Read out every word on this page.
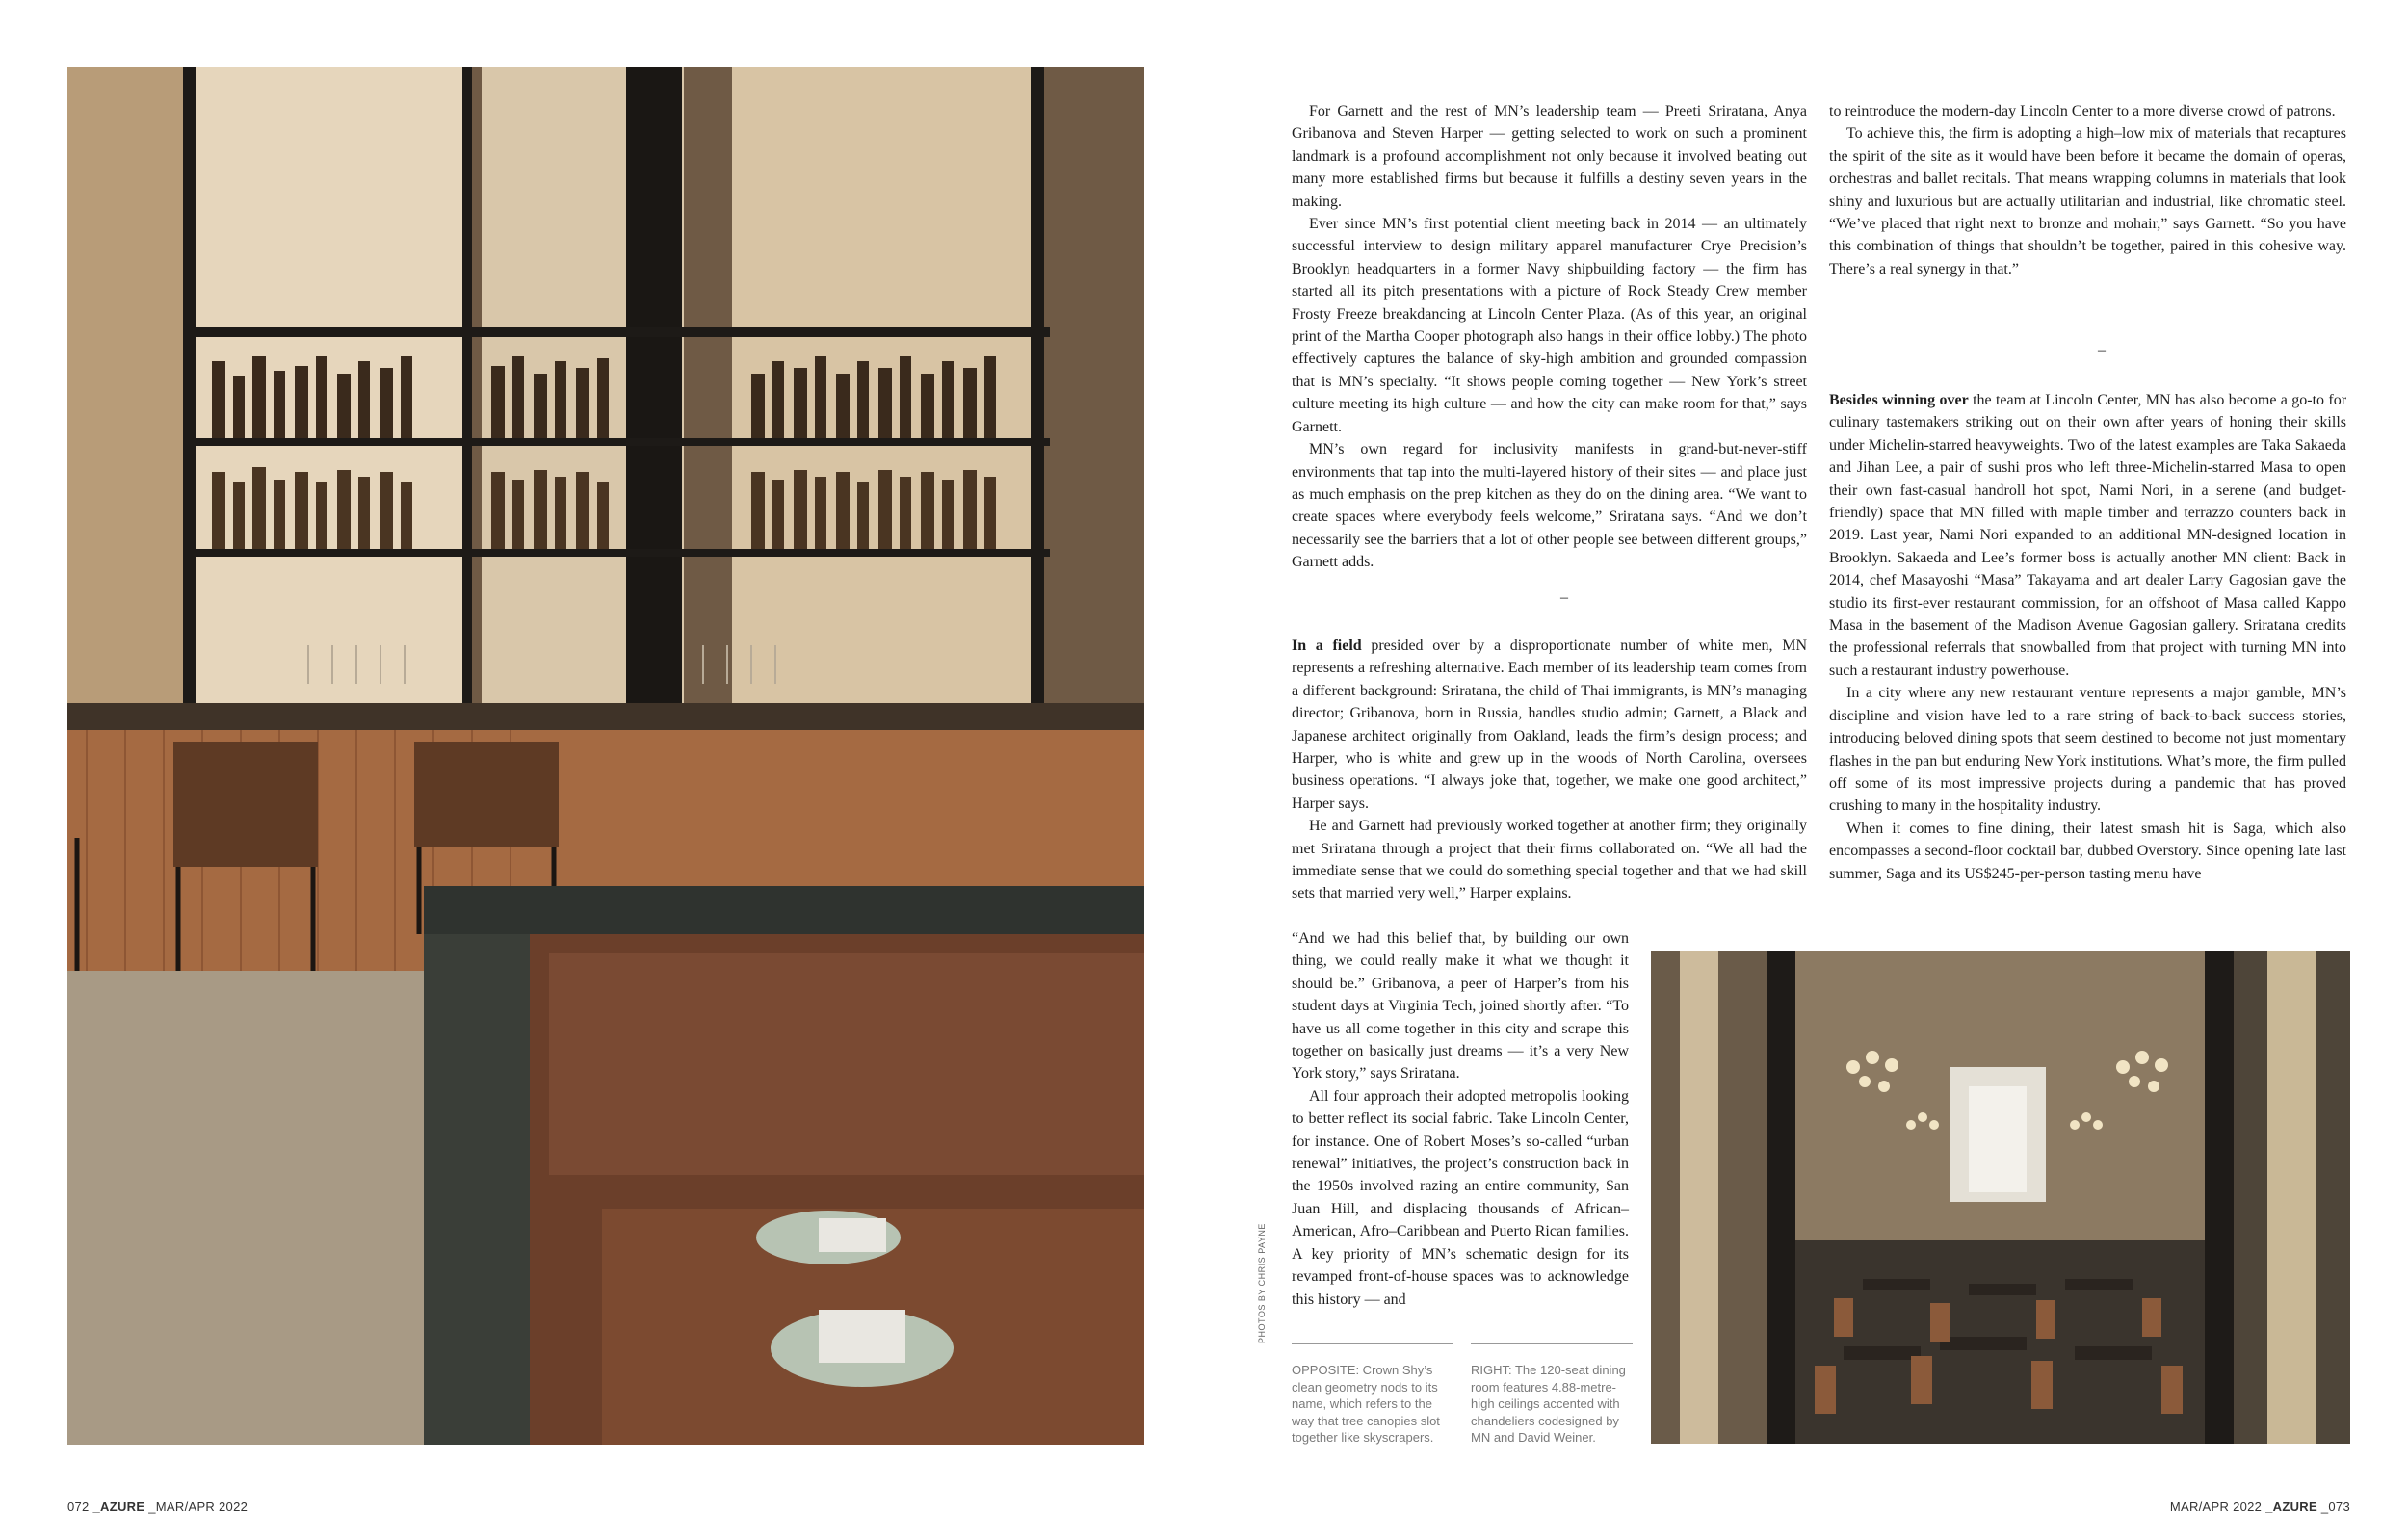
For Garnett and the rest of MN’s leadership team — Preeti Sriratana, Anya Gribanova and Steven Harper — getting selected to work on such a prominent landmark is a profound accomplishment not only because it involved beating out many more established firms but because it fulfills a destiny seven years in the making.

Ever since MN’s first potential client meeting back in 2014 — an ultimately successful interview to design military apparel manufacturer Crye Precision’s Brooklyn headquarters in a former Navy shipbuilding factory — the firm has started all its pitch presentations with a picture of Rock Steady Crew member Frosty Freeze breakdancing at Lincoln Center Plaza. (As of this year, an original print of the Martha Cooper photograph also hangs in their office lobby.) The photo effectively captures the balance of sky-high ambition and grounded compassion that is MN’s specialty. “It shows people coming together — New York’s street culture meeting its high culture — and how the city can make room for that,” says Garnett.

MN’s own regard for inclusivity manifests in grand-but-never-stiff environments that tap into the multi-layered history of their sites — and place just as much emphasis on the prep kitchen as they do on the dining area. “We want to create spaces where everybody feels welcome,” Sriratana says. “And we don’t necessarily see the barriers that a lot of other people see between different groups,” Garnett adds.

–

In a field presided over by a disproportionate number of white men, MN represents a refreshing alternative. Each member of its leadership team comes from a different background: Sriratana, the child of Thai immigrants, is MN’s managing director; Gribanova, born in Russia, handles studio admin; Garnett, a Black and Japanese architect originally from Oakland, leads the firm’s design process; and Harper, who is white and grew up in the woods of North Carolina, oversees business operations. “I always joke that, together, we make one good architect,” Harper says.

He and Garnett had previously worked together at another firm; they originally met Sriratana through a project that their firms collaborated on. “We all had the immediate sense that we could do something special together and that we had skill sets that married very well,” Harper explains.

“And we had this belief that, by building our own thing, we could really make it what we thought it should be.” Gribanova, a peer of Harper’s from his student days at Virginia Tech, joined shortly after. “To have us all come together in this city and scrape this together on basically just dreams — it’s a very New York story,” says Sriratana.

All four approach their adopted metropolis looking to better reflect its social fabric. Take Lincoln Center, for instance. One of Robert Moses’s so-called “urban renewal” initiatives, the project’s construction back in the 1950s involved razing an entire community, San Juan Hill, and displacing thousands of African–American, Afro–Caribbean and Puerto Rican families. A key priority of MN’s schematic design for its revamped front-of-house spaces was to acknowledge this history — and

to reintroduce the modern-day Lincoln Center to a more diverse crowd of patrons.

To achieve this, the firm is adopting a high–low mix of materials that recaptures the spirit of the site as it would have been before it became the domain of operas, orchestras and ballet recitals. That means wrapping columns in materials that look shiny and luxurious but are actually utilitarian and industrial, like chromatic steel. “We’ve placed that right next to bronze and mohair,” says Garnett. “So you have this combination of things that shouldn’t be together, paired in this cohesive way. There’s a real synergy in that.”

–

Besides winning over the team at Lincoln Center, MN has also become a go-to for culinary tastemakers striking out on their own after years of honing their skills under Michelin-starred heavyweights. Two of the latest examples are Taka Sakaeda and Jihan Lee, a pair of sushi pros who left three-Michelin-starred Masa to open their own fast-casual handroll hot spot, Nami Nori, in a serene (and budget-friendly) space that MN filled with maple timber and terrazzo counters back in 2019. Last year, Nami Nori expanded to an additional MN-designed location in Brooklyn. Sakaeda and Lee’s former boss is actually another MN client: Back in 2014, chef Masayoshi “Masa” Takayama and art dealer Larry Gagosian gave the studio its first-ever restaurant commission, for an offshoot of Masa called Kappo Masa in the basement of the Madison Avenue Gagosian gallery. Sriratana credits the professional referrals that snowballed from that project with turning MN into such a restaurant industry powerhouse.

In a city where any new restaurant venture represents a major gamble, MN’s discipline and vision have led to a rare string of back-to-back success stories, introducing beloved dining spots that seem destined to become not just momentary flashes in the pan but enduring New York institutions. What’s more, the firm pulled off some of its most impressive projects during a pandemic that has proved crushing to many in the hospitality industry.

When it comes to fine dining, their latest smash hit is Saga, which also encompasses a second-floor cocktail bar, dubbed Overstory. Since opening late last summer, Saga and its US$245-per-person tasting menu have

PHOTOS BY CHRIS PAYNE
OPPOSITE: Crown Shy’s clean geometry nods to its name, which refers to the way that tree canopies slot together like skyscrapers.
RIGHT: The 120-seat dining room features 4.88-metre-high ceilings accented with chandeliers codesigned by MN and David Weiner.
072 _AZURE _MAR/APR 2022	MAR/APR 2022 _AZURE _073
